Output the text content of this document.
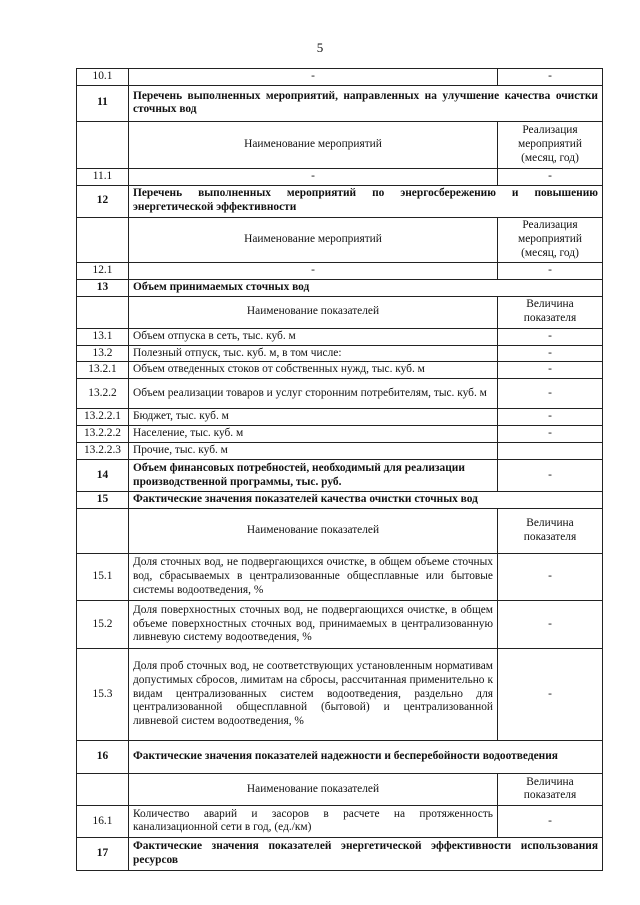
5
10.1	-	-
11	Перечень выполненных мероприятий, направленных на улучшение качества очистки сточных вод	
	Наименование мероприятий	Реализация мероприятий (месяц, год)
11.1	-	-
12	Перечень выполненных мероприятий по энергосбережению и повышению энергетической эффективности	
	Наименование мероприятий	Реализация мероприятий (месяц, год)
12.1	-	-
13	Объем принимаемых сточных вод	
	Наименование показателей	Величина показателя
13.1	Объем отпуска в сеть, тыс. куб. м	-
13.2	Полезный отпуск, тыс. куб. м, в том числе:	-
13.2.1	Объем отведенных стоков от собственных нужд, тыс. куб. м	-
13.2.2	Объем реализации товаров и услуг сторонним потребителям, тыс. куб. м	-
13.2.2.1	Бюджет, тыс. куб. м	-
13.2.2.2	Население, тыс. куб. м	-
13.2.2.3	Прочие, тыс. куб. м	
14	Объем финансовых потребностей, необходимый для реализации производственной программы, тыс. руб.	-
15	Фактические значения показателей качества очистки сточных вод	
	Наименование показателей	Величина показателя
15.1	Доля сточных вод, не подвергающихся очистке, в общем объеме сточных вод, сбрасываемых в централизованные общесплавные или бытовые системы водоотведения, %	-
15.2	Доля поверхностных сточных вод, не подвергающихся очистке, в общем объеме поверхностных сточных вод, принимаемых в централизованную ливневую систему водоотведения, %	-
15.3	Доля проб сточных вод, не соответствующих установленным нормативам допустимых сбросов, лимитам на сбросы, рассчитанная применительно к видам централизованных систем водоотведения, раздельно для централизованной общесплавной (бытовой) и централизованной ливневой систем водоотведения, %	-
16	Фактические значения показателей надежности и бесперебойности водоотведения	
	Наименование показателей	Величина показателя
16.1	Количество аварий и засоров в расчете на протяженность канализационной сети в год, (ед./км)	-
17	Фактические значения показателей энергетической эффективности использования ресурсов	
